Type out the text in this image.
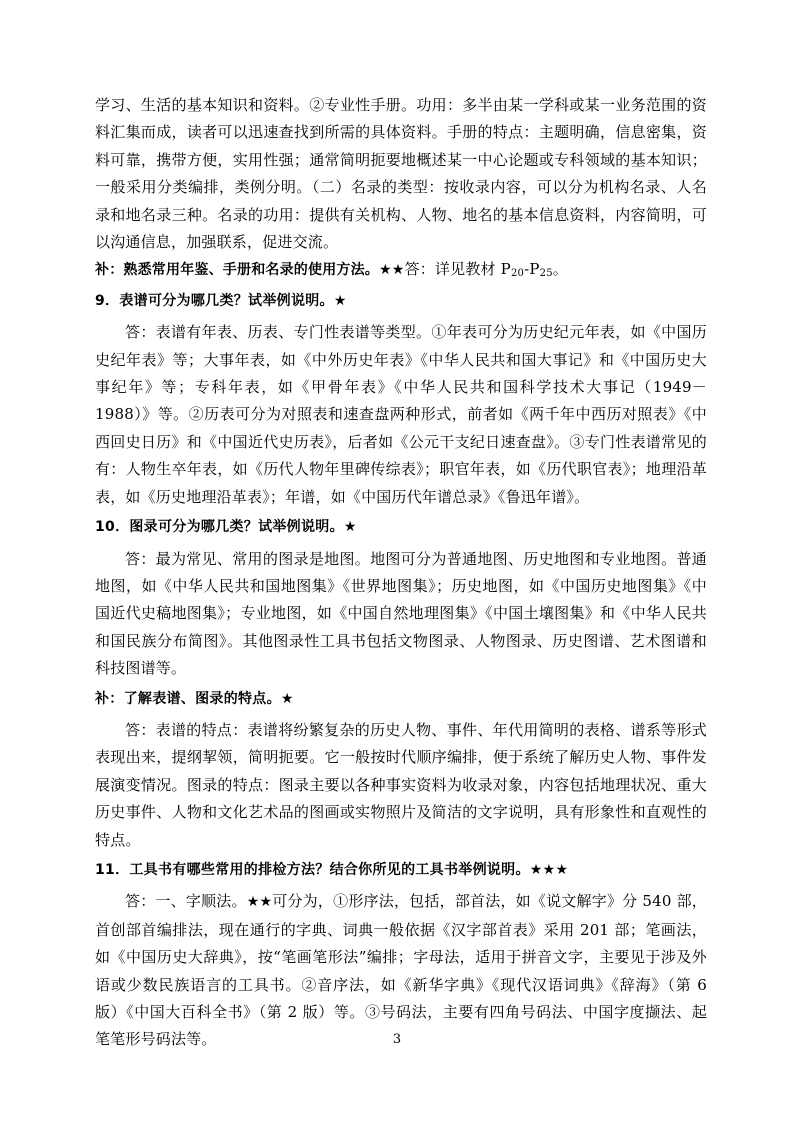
学习、生活的基本知识和资料。②专业性手册。功用：多半由某一学科或某一业务范围的资料汇集而成，读者可以迅速查找到所需的具体资料。手册的特点：主题明确，信息密集，资料可靠，携带方便，实用性强；通常简明扼要地概述某一中心论题或专科领域的基本知识；一般采用分类编排，类例分明。（二）名录的类型：按收录内容，可以分为机构名录、人名录和地名录三种。名录的功用：提供有关机构、人物、地名的基本信息资料，内容简明，可以沟通信息，加强联系，促进交流。

补：熟悉常用年鉴、手册和名录的使用方法。★★答：详见教材 $P_{20}-P_{25}$。

9．表谱可分为哪几类？试举例说明。★

答：表谱有年表、历表、专门性表谱等类型。①年表可分为历史纪元年表，如《中国历史纪年表》等；大事年表，如《中外历史年表》《中华人民共和国大事记》和《中国历史大事纪年》等；专科年表，如《甲骨年表》《中华人民共和国科学技术大事记（1949－1988）》等。②历表可分为对照表和速查盘两种形式，前者如《两千年中西历对照表》《中西回史日历》和《中国近代史历表》，后者如《公元干支纪日速查盘》。③专门性表谱常见的有：人物生卒年表，如《历代人物年里碑传综表》；职官年表，如《历代职官表》；地理沿革表，如《历史地理沿革表》；年谱，如《中国历代年谱总录》《鲁迅年谱》。

10．图录可分为哪几类？试举例说明。★

答：最为常见、常用的图录是地图。地图可分为普通地图、历史地图和专业地图。普通地图，如《中华人民共和国地图集》《世界地图集》；历史地图，如《中国历史地图集》《中国近代史稿地图集》；专业地图，如《中国自然地理图集》《中国土壤图集》和《中华人民共和国民族分布简图》。其他图录性工具书包括文物图录、人物图录、历史图谱、艺术图谱和科技图谱等。

补：了解表谱、图录的特点。★

答：表谱的特点：表谱将纷繁复杂的历史人物、事件、年代用简明的表格、谱系等形式表现出来，提纲挈领，简明扼要。它一般按时代顺序编排，便于系统了解历史人物、事件发展演变情况。图录的特点：图录主要以各种事实资料为收录对象，内容包括地理状况、重大历史事件、人物和文化艺术品的图画或实物照片及简洁的文字说明，具有形象性和直观性的特点。

11．工具书有哪些常用的排检方法？结合你所见的工具书举例说明。★★★

答：一、字顺法。★★可分为，①形序法，包括，部首法，如《说文解字》分 540 部，首创部首编排法，现在通行的字典、词典一般依据《汉字部首表》采用 201 部；笔画法，如《中国历史大辞典》，按“笔画笔形法”编排；字母法，适用于拼音文字，主要见于涉及外语或少数民族语言的工具书。②音序法，如《新华字典》《现代汉语词典》《辞海》（第 6 版）《中国大百科全书》（第 2 版）等。③号码法，主要有四角号码法、中国字度撷法、起笔笔形号码法等。	3
